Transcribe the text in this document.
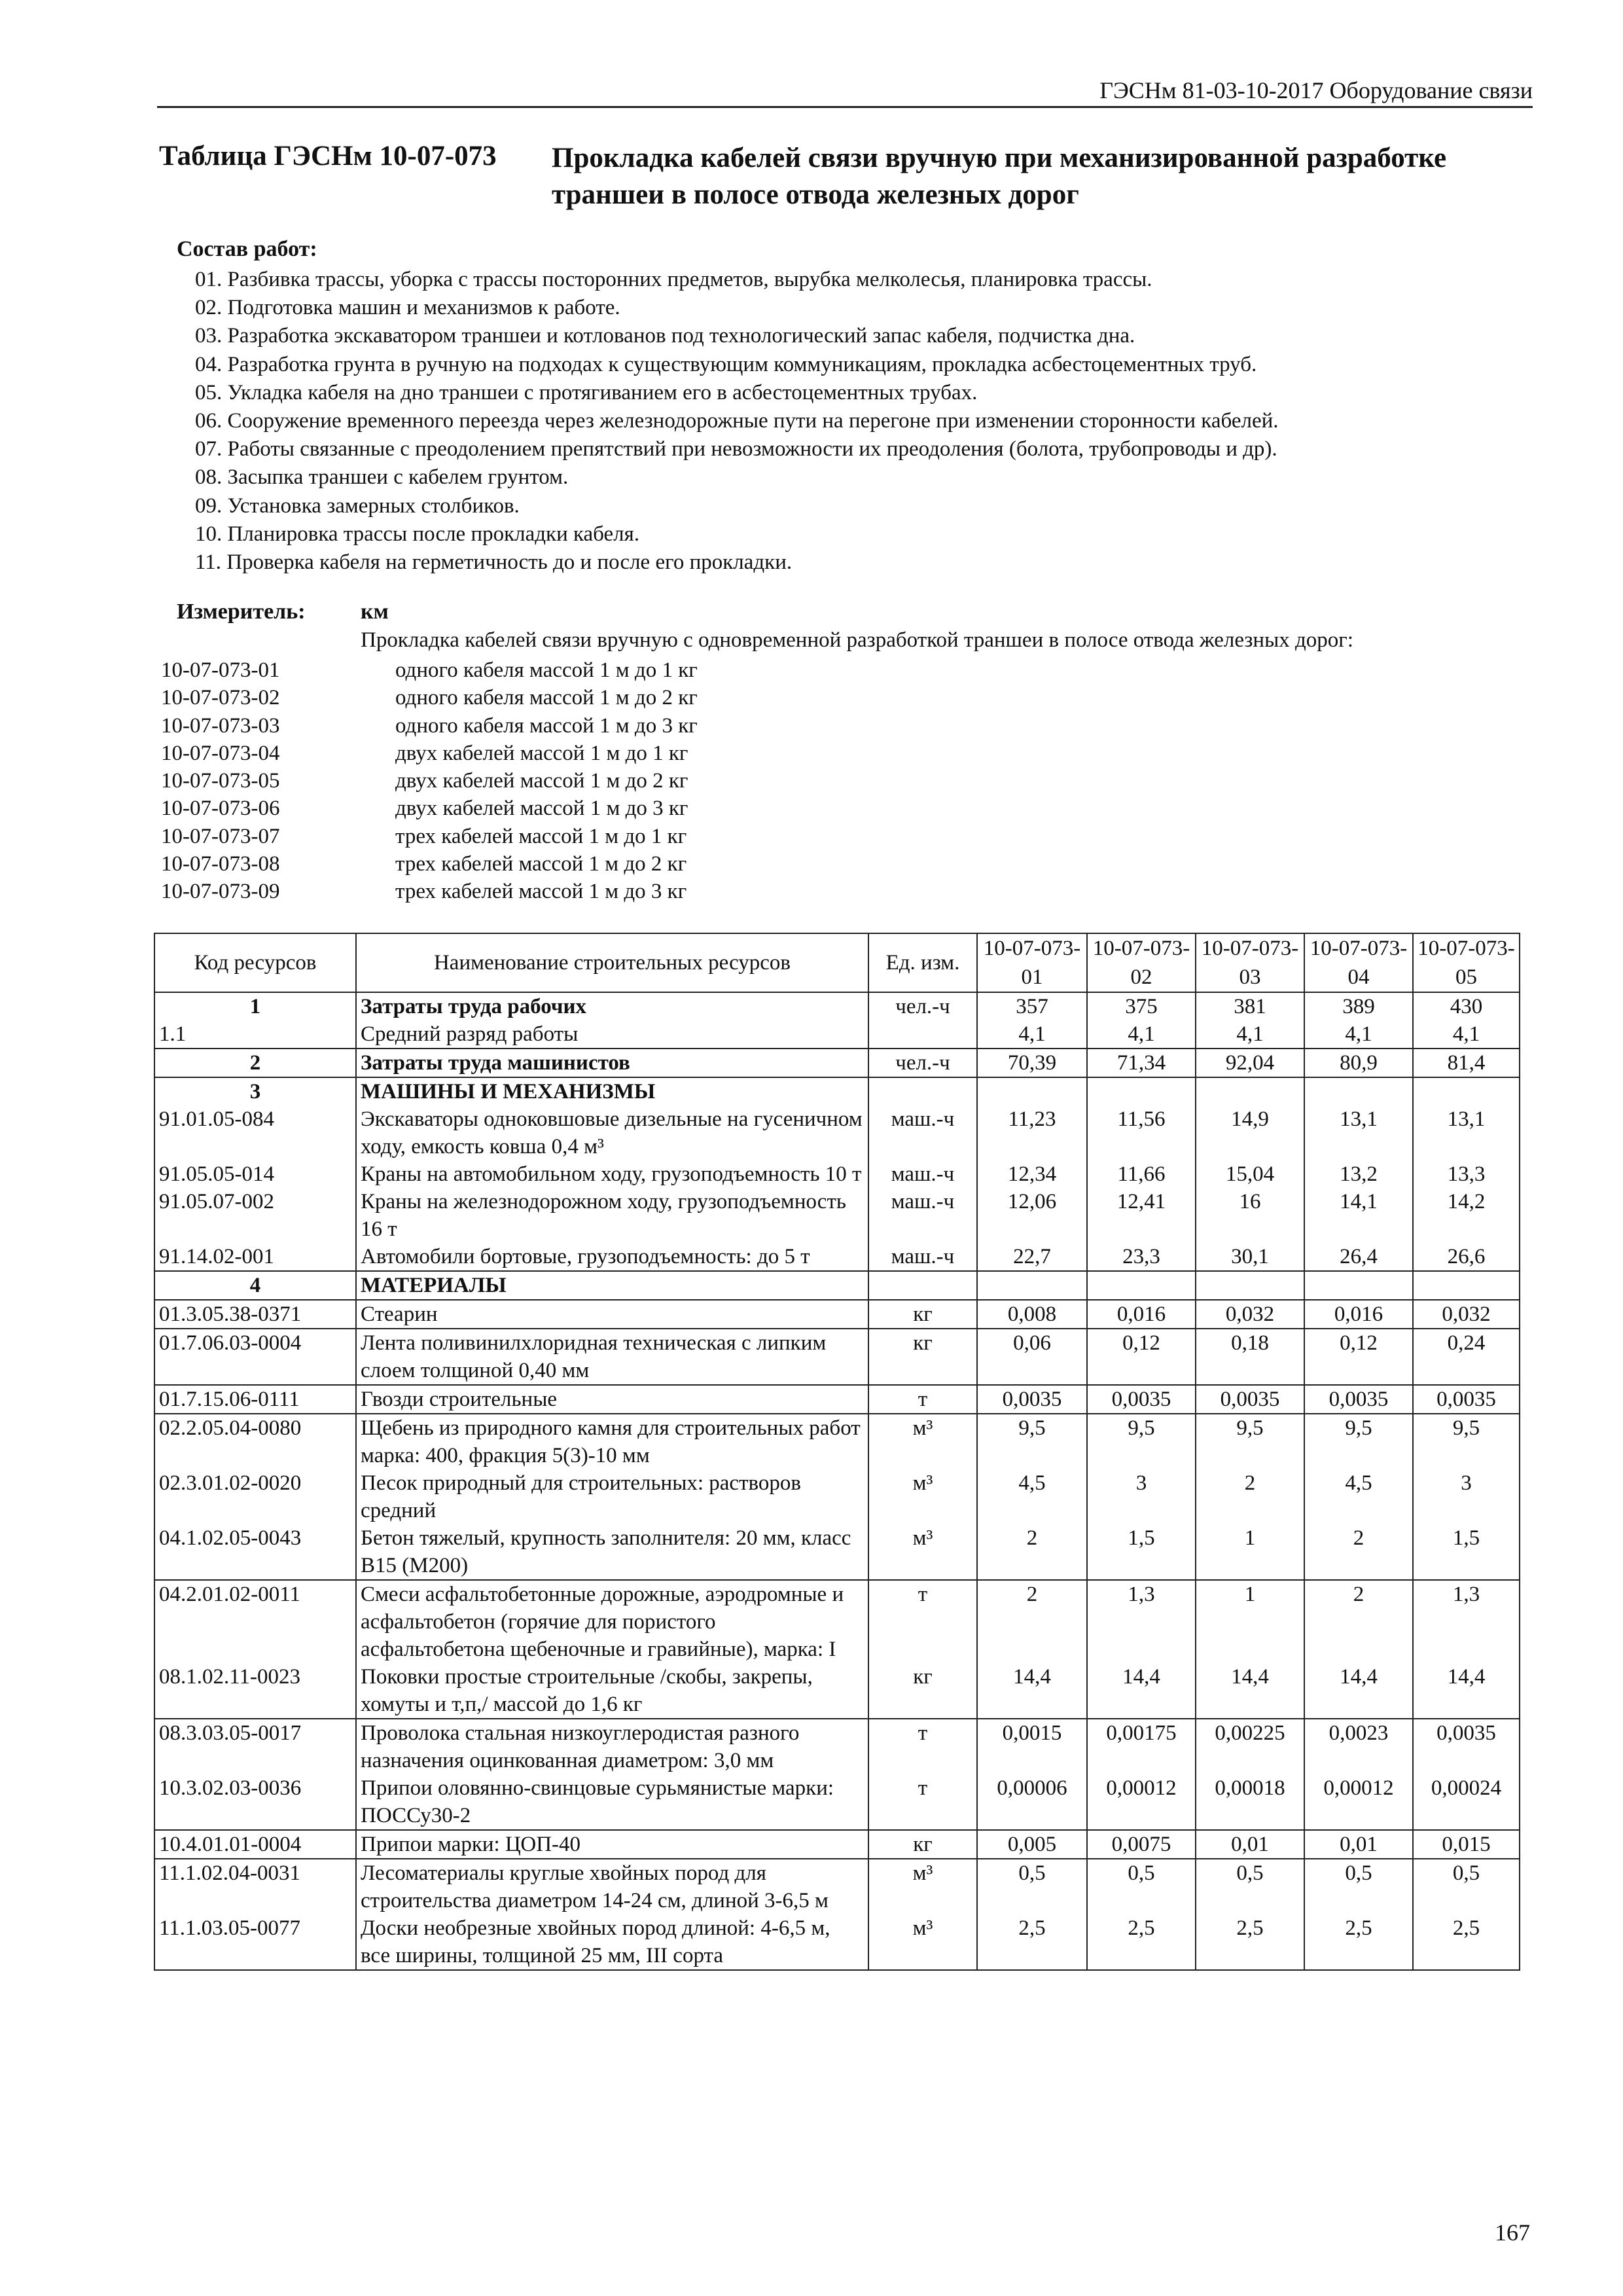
ГЭСНм 81-03-10-2017 Оборудование связи
Таблица ГЭСНм 10-07-073 Прокладка кабелей связи вручную при механизированной разработке траншеи в полосе отвода железных дорог
Состав работ:
01. Разбивка трассы, уборка с трассы посторонних предметов, вырубка мелколесья, планировка трассы.
02. Подготовка машин и механизмов к работе.
03. Разработка экскаватором траншеи и котлованов под технологический запас кабеля, подчистка дна.
04. Разработка грунта в ручную на подходах к существующим коммуникациям, прокладка асбестоцементных труб.
05. Укладка кабеля на дно траншеи с протягиванием его в асбестоцементных трубах.
06. Сооружение временного переезда через железнодорожные пути на перегоне при изменении сторонности кабелей.
07. Работы связанные с преодолением препятствий при невозможности их преодоления (болота, трубопроводы и др).
08. Засыпка траншеи с кабелем грунтом.
09. Установка замерных столбиков.
10. Планировка трассы после прокладки кабеля.
11. Проверка кабеля на герметичность до и после его прокладки.
Измеритель: км
Прокладка кабелей связи вручную с одновременной разработкой траншеи в полосе отвода железных дорог:
10-07-073-01	одного кабеля массой 1 м до 1 кг
10-07-073-02	одного кабеля массой 1 м до 2 кг
10-07-073-03	одного кабеля массой 1 м до 3 кг
10-07-073-04	двух кабелей массой 1 м до 1 кг
10-07-073-05	двух кабелей массой 1 м до 2 кг
10-07-073-06	двух кабелей массой 1 м до 3 кг
10-07-073-07	трех кабелей массой 1 м до 1 кг
10-07-073-08	трех кабелей массой 1 м до 2 кг
10-07-073-09	трех кабелей массой 1 м до 3 кг
Код ресурсов	Наименование строительных ресурсов	Ед. изм.	10-07-073-01	10-07-073-02	10-07-073-03	10-07-073-04	10-07-073-05
1	Затраты труда рабочих	чел.-ч	357	375	381	389	430
1.1	Средний разряд работы		4,1	4,1	4,1	4,1	4,1
2	Затраты труда машинистов	чел.-ч	70,39	71,34	92,04	80,9	81,4
3	МАШИНЫ И МЕХАНИЗМЫ						
91.01.05-084	Экскаваторы одноковшовые дизельные на гусеничном ходу, емкость ковша 0,4 м³	маш.-ч	11,23	11,56	14,9	13,1	13,1
91.05.05-014	Краны на автомобильном ходу, грузоподъемность 10 т	маш.-ч	12,34	11,66	15,04	13,2	13,3
91.05.07-002	Краны на железнодорожном ходу, грузоподъемность 16 т	маш.-ч	12,06	12,41	16	14,1	14,2
91.14.02-001	Автомобили бортовые, грузоподъемность: до 5 т	маш.-ч	22,7	23,3	30,1	26,4	26,6
4	МАТЕРИАЛЫ						
01.3.05.38-0371	Стеарин	кг	0,008	0,016	0,032	0,016	0,032
01.7.06.03-0004	Лента поливинилхлоридная техническая с липким слоем толщиной 0,40 мм	кг	0,06	0,12	0,18	0,12	0,24
01.7.15.06-0111	Гвозди строительные	т	0,0035	0,0035	0,0035	0,0035	0,0035
02.2.05.04-0080	Щебень из природного камня для строительных работ марка: 400, фракция 5(3)-10 мм	м³	9,5	9,5	9,5	9,5	9,5
02.3.01.02-0020	Песок природный для строительных: растворов средний	м³	4,5	3	2	4,5	3
04.1.02.05-0043	Бетон тяжелый, крупность заполнителя: 20 мм, класс В15 (М200)	м³	2	1,5	1	2	1,5
04.2.01.02-0011	Смеси асфальтобетонные дорожные, аэродромные и асфальтобетон (горячие для пористого асфальтобетона щебеночные и гравийные), марка: I	т	2	1,3	1	2	1,3
08.1.02.11-0023	Поковки простые строительные /скобы, закрепы, хомуты и т,п,/ массой до 1,6 кг	кг	14,4	14,4	14,4	14,4	14,4
08.3.03.05-0017	Проволока стальная низкоуглеродистая разного назначения оцинкованная диаметром: 3,0 мм	т	0,0015	0,00175	0,00225	0,0023	0,0035
10.3.02.03-0036	Припои оловянно-свинцовые сурьмянистые марки: ПОССу30-2	т	0,00006	0,00012	0,00018	0,00012	0,00024
10.4.01.01-0004	Припои марки: ЦОП-40	кг	0,005	0,0075	0,01	0,01	0,015
11.1.02.04-0031	Лесоматериалы круглые хвойных пород для строительства диаметром 14-24 см, длиной 3-6,5 м	м³	0,5	0,5	0,5	0,5	0,5
11.1.03.05-0077	Доски необрезные хвойных пород длиной: 4-6,5 м, все ширины, толщиной 25 мм, III сорта	м³	2,5	2,5	2,5	2,5	2,5
167
